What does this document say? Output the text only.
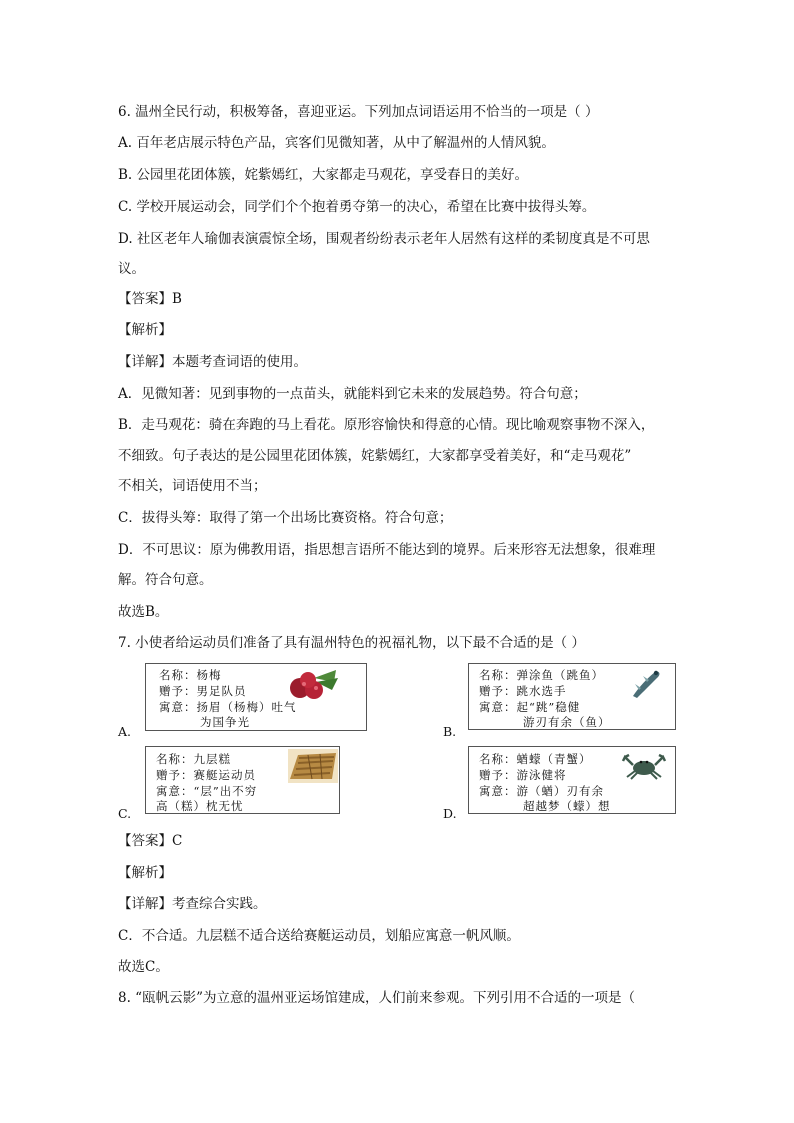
6. 温州全民行动，积极筹备，喜迎亚运。下列加点词语运用不恰当的一项是（ ）
A. 百年老店展示特色产品，宾客们见微知著，从中了解温州的人情风貌。
B. 公园里花团体簇，姹紫嫣红，大家都走马观花，享受春日的美好。
C. 学校开展运动会，同学们个个抱着勇夺第一的决心，希望在比赛中拔得头筹。
D. 社区老年人瑜伽表演震惊全场，围观者纷纷表示老年人居然有这样的柔韧度真是不可思
议。
【答案】B
【解析】
【详解】本题考查词语的使用。
A．见微知著：见到事物的一点苗头，就能料到它未来的发展趋势。符合句意；
B．走马观花：骑在奔跑的马上看花。原形容愉快和得意的心情。现比喻观察事物不深入，
不细致。句子表达的是公园里花团体簇，姹紫嫣红，大家都享受着美好，和“走马观花”
不相关，词语使用不当；
C．拔得头筹：取得了第一个出场比赛资格。符合句意；
D．不可思议：原为佛教用语，指思想言语所不能达到的境界。后来形容无法想象，很难理
解。符合句意。
故选B。
7. 小使者给运动员们准备了具有温州特色的祝福礼物，以下最不合适的是（ ）
A.
名称：杨梅
赠予：男足队员
寓意：扬眉（杨梅）吐气
为国争光
B.
名称：弹涂鱼（跳鱼）
赠予：跳水选手
寓意：起“跳”稳健
游刃有余（鱼）
C.
名称：九层糕
赠予：赛艇运动员
寓意：“层”出不穷
高（糕）枕无忧	D.
名称：蝤蠓（青蟹）
赠予：游泳健将
寓意：游（蝤）刃有余
超越梦（蠓）想
【答案】C
【解析】
【详解】考查综合实践。
C．不合适。九层糕不适合送给赛艇运动员，划船应寓意一帆风顺。
故选C。
8. “瓯帆云影”为立意的温州亚运场馆建成，人们前来参观。下列引用不合适的一项是（
